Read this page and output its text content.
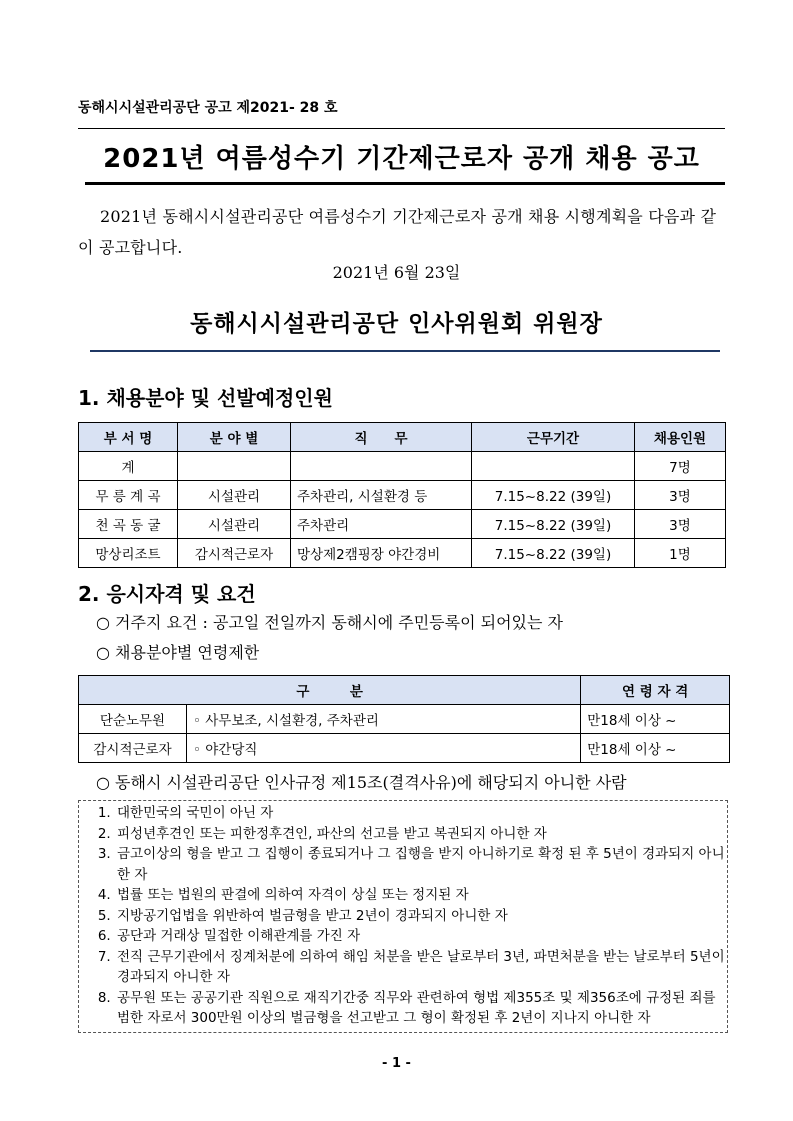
동해시시설관리공단 공고 제2021- 28 호
2021년 여름성수기 기간제근로자 공개 채용 공고
2021년 동해시시설관리공단 여름성수기 기간제근로자 공개 채용 시행계획을 다음과 같이 공고합니다.
2021년 6월 23일
동해시시설관리공단 인사위원회 위원장
1. 채용분야 및 선발예정인원
부 서 명	분 야 별	직　　무	근무기간	채용인원
계				7명
무 릉 계 곡	시설관리	주차관리, 시설환경 등	7.15~8.22 (39일)	3명
천 곡 동 굴	시설관리	주차관리	7.15~8.22 (39일)	3명
망상리조트	감시적근로자	망상제2캠핑장 야간경비	7.15~8.22 (39일)	1명
2. 응시자격 및 요건
○ 거주지 요건 : 공고일 전일까지 동해시에 주민등록이 되어있는 자
○ 채용분야별 연령제한
구　　　분		연 령 자 격
단순노무원	◦ 사무보조, 시설환경, 주차관리	만18세 이상 ~
감시적근로자	◦ 야간당직	만18세 이상 ~
○ 동해시 시설관리공단 인사규정 제15조(결격사유)에 해당되지 아니한 사람
1. 대한민국의 국민이 아닌 자
2. 피성년후견인 또는 피한정후견인, 파산의 선고를 받고 복권되지 아니한 자
3. 금고이상의 형을 받고 그 집행이 종료되거나 그 집행을 받지 아니하기로 확정 된 후 5년이 경과되지 아니한 자
4. 법률 또는 법원의 판결에 의하여 자격이 상실 또는 정지된 자
5. 지방공기업법을 위반하여 벌금형을 받고 2년이 경과되지 아니한 자
6. 공단과 거래상 밀접한 이해관계를 가진 자
7. 전직 근무기관에서 징계처분에 의하여 해임 처분을 받은 날로부터 3년, 파면처분을 받는 날로부터 5년이 경과되지 아니한 자
8. 공무원 또는 공공기관 직원으로 재직기간중 직무와 관련하여 형법 제355조 및 제356조에 규정된 죄를 범한 자로서 300만원 이상의 벌금형을 선고받고 그 형이 확정된 후 2년이 지나지 아니한 자
- 1 -
